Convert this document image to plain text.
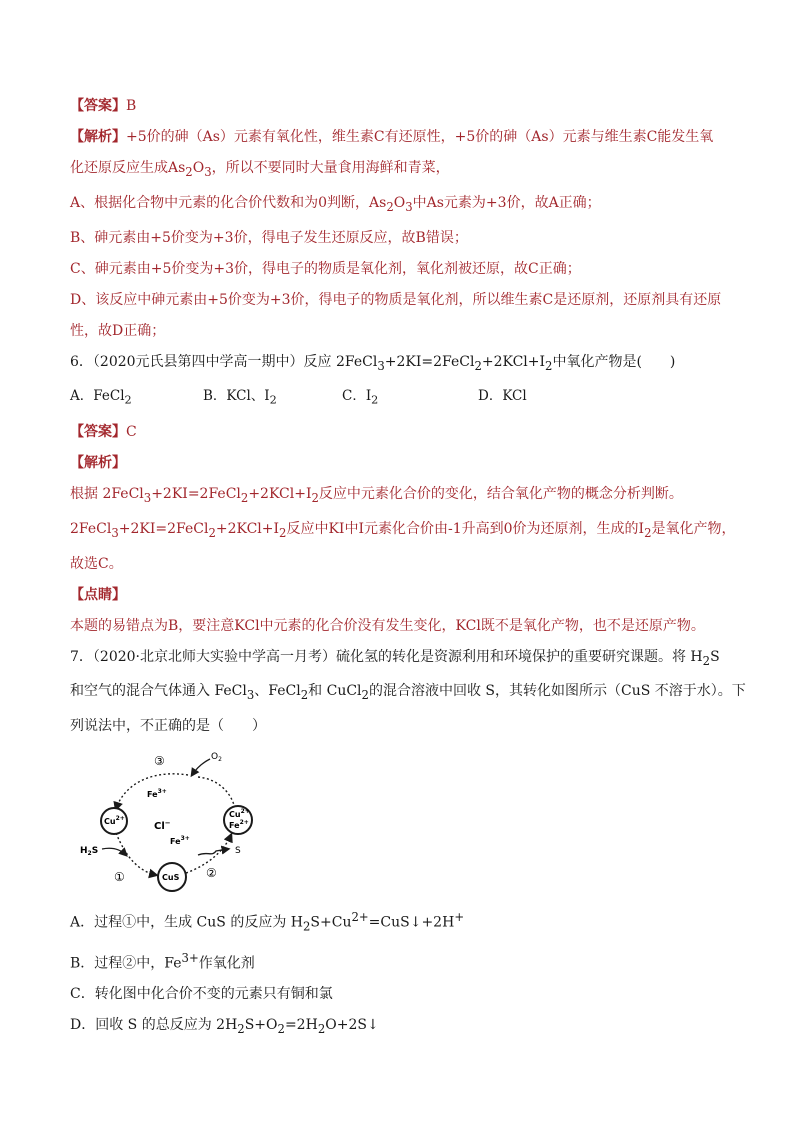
【答案】B

【解析】+5价的砷（As）元素有氧化性，维生素C有还原性，+5价的砷（As）元素与维生素C能发生氧

化还原反应生成$As_2O_3$，所以不要同时大量食用海鲜和青菜，

A、根据化合物中元素的化合价代数和为0判断，$As_2O_3$中As元素为+3价，故A正确；

B、砷元素由+5价变为+3价，得电子发生还原反应，故B错误；

C、砷元素由+5价变为+3价，得电子的物质是氧化剂，氧化剂被还原，故C正确；

D、该反应中砷元素由+5价变为+3价，得电子的物质是氧化剂，所以维生素C是还原剂，还原剂具有还原

性，故D正确；

6．（2020元氏县第四中学高一期中）反应 $2FeCl_3+2KI=2FeCl_2+2KCl+I_2$中氧化产物是(　　)

A．FeCl$_2$	B．KCl、$I_2$	C．$I_2$	D．KCl

【答案】C

【解析】

根据 $2FeCl_3+2KI=2FeCl_2+2KCl+I_2$反应中元素化合价的变化，结合氧化产物的概念分析判断。

$2FeCl_3+2KI=2FeCl_2+2KCl+I_2$反应中KI中I元素化合价由-1升高到0价为还原剂，生成的$I_2$是氧化产物，

故选C。

【点睛】

本题的易错点为B，要注意KCl中元素的化合价没有发生变化，KCl既不是氧化产物，也不是还原产物。

7．（2020·北京北师大实验中学高一月考）硫化氢的转化是资源利用和环境保护的重要研究课题。将 $H_2S$

和空气的混合气体通入 FeCl$_3$、FeCl$_2$和 CuCl$_2$的混合溶液中回收 S，其转化如图所示（CuS 不溶于水）。下

列说法中，不正确的是（　　）

③	$O_2$
$Fe^{3+}$
$Cu^{2+}$	$Cu^{2+}$
$Fe^{2+}$
Cl−
$Fe^{3+}$
$H_2S$
CuS
S
①	②

A．过程①中，生成 CuS 的反应为 $H_2S+Cu^{2+}=CuS↓+2H^+$

B．过程②中，$Fe^{3+}$作氧化剂

C．转化图中化合价不变的元素只有铜和氯

D．回收 S 的总反应为 $2H_2S+O_2=2H_2O+2S↓$
